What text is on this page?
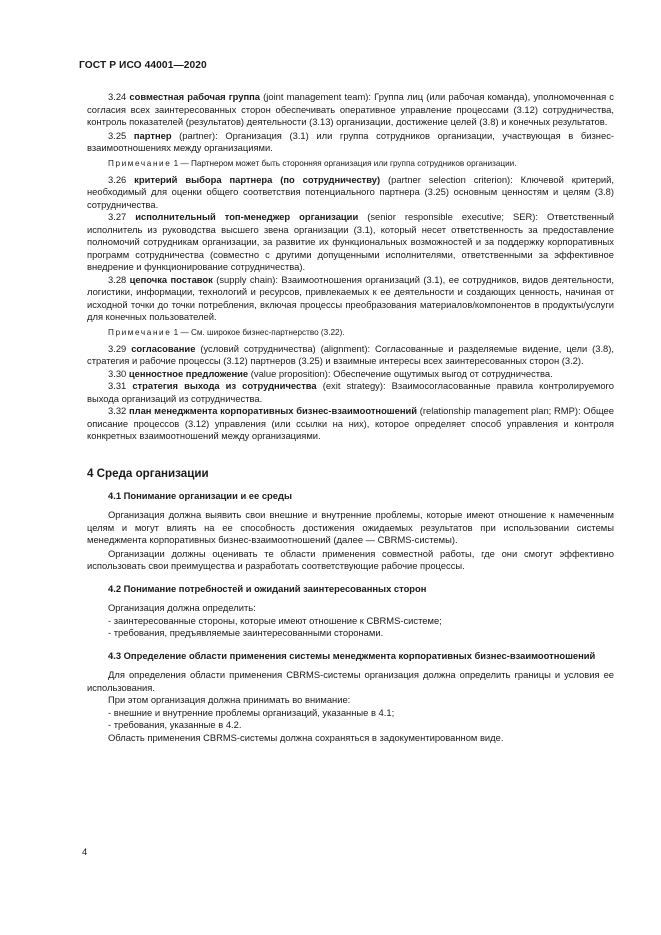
ГОСТ Р ИСО 44001—2020

3.24 совместная рабочая группа (joint management team): Группа лиц (или рабочая команда), уполномоченная с согласия всех заинтересованных сторон обеспечивать оперативное управление процессами (3.12) сотрудничества, контроль показателей (результатов) деятельности (3.13) организации, достижение целей (3.8) и конечных результатов.

3.25 партнер (partner): Организация (3.1) или группа сотрудников организации, участвующая в бизнес-взаимоотношениях между организациями.

Примечание 1 — Партнером может быть сторонняя организация или группа сотрудников организации.

3.26 критерий выбора партнера (по сотрудничеству) (partner selection criterion): Ключевой критерий, необходимый для оценки общего соответствия потенциального партнера (3.25) основным ценностям и целям (3.8) сотрудничества.

3.27 исполнительный топ-менеджер организации (senior responsible executive; SER): Ответственный исполнитель из руководства высшего звена организации (3.1), который несет ответственность за предоставление полномочий сотрудникам организации, за развитие их функциональных возможностей и за поддержку корпоративных программ сотрудничества (совместно с другими допущенными исполнителями, ответственными за эффективное внедрение и функционирование сотрудничества).

3.28 цепочка поставок (supply chain): Взаимоотношения организаций (3.1), ее сотрудников, видов деятельности, логистики, информации, технологий и ресурсов, привлекаемых к ее деятельности и создающих ценность, начиная от исходной точки до точки потребления, включая процессы преобразования материалов/компонентов в продукты/услуги для конечных пользователей.

Примечание 1 — См. широкое бизнес-партнерство (3.22).

3.29 согласование (условий сотрудничества) (alignment): Согласованные и разделяемые видение, цели (3.8), стратегия и рабочие процессы (3.12) партнеров (3.25) и взаимные интересы всех заинтересованных сторон (3.2).

3.30 ценностное предложение (value proposition): Обеспечение ощутимых выгод от сотрудничества.

3.31 стратегия выхода из сотрудничества (exit strategy): Взаимосогласованные правила контролируемого выхода организаций из сотрудничества.

3.32 план менеджмента корпоративных бизнес-взаимоотношений (relationship management plan; RMP): Общее описание процессов (3.12) управления (или ссылки на них), которое определяет способ управления и контроля конкретных взаимоотношений между организациями.

4 Среда организации
4.1 Понимание организации и ее среды

Организация должна выявить свои внешние и внутренние проблемы, которые имеют отношение к намеченным целям и могут влиять на ее способность достижения ожидаемых результатов при использовании системы менеджмента корпоративных бизнес-взаимоотношений (далее — CBRMS-системы).

Организации должны оценивать те области применения совместной работы, где они смогут эффективно использовать свои преимущества и разработать соответствующие рабочие процессы.

4.2 Понимание потребностей и ожиданий заинтересованных сторон

Организация должна определить:

- заинтересованные стороны, которые имеют отношение к CBRMS-системе;

- требования, предъявляемые заинтересованными сторонами.

4.3 Определение области применения системы менеджмента корпоративных бизнес-взаимоотношений

Для определения области применения CBRMS-системы организация должна определить границы и условия ее использования.

При этом организация должна принимать во внимание:

- внешние и внутренние проблемы организаций, указанные в 4.1;

- требования, указанные в 4.2.

Область применения CBRMS-системы должна сохраняться в задокументированном виде.

4
